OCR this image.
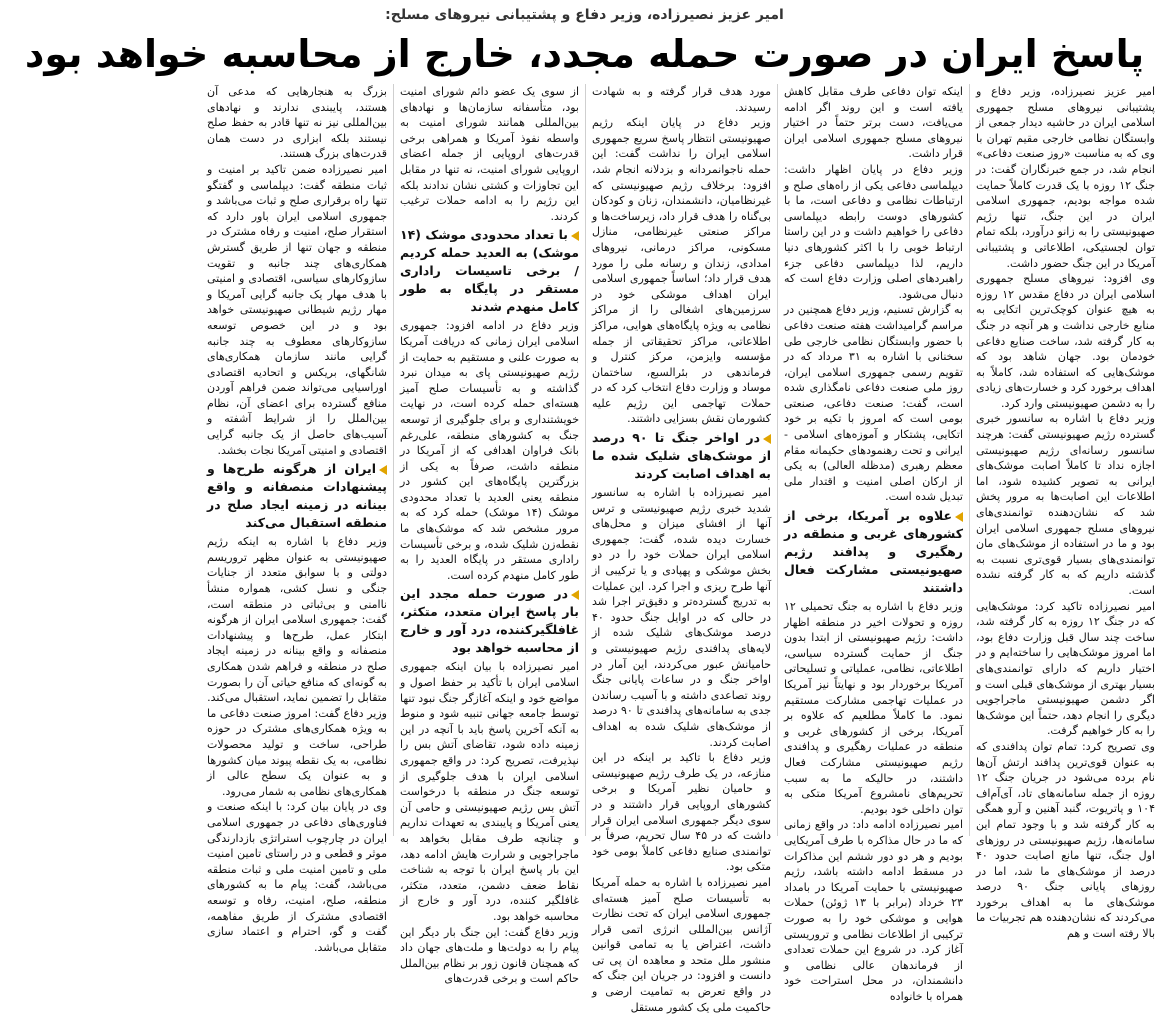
امیر عزیز نصیرزاده، وزیر دفاع و پشتیبانی نیروهای مسلح:
پاسخ ایران در صورت حمله مجدد، خارج از محاسبه خواهد بود

امیر عزیز نصیرزاده، وزیر دفاع و پشتیبانی نیروهای مسلح جمهوری اسلامی ایران در حاشیه دیدار جمعی از وابستگان نظامی خارجی مقیم تهران با وی که به مناسبت «روز صنعت دفاعی» انجام شد، در جمع خبرنگاران گفت: در جنگ ۱۲ روزه با یک قدرت کاملاً حمایت شده مواجه بودیم، جمهوری اسلامی ایران در این جنگ، تنها رژیم صهیونیستی را به زانو درآورد، بلکه تمام توان لجستیکی، اطلاعاتی و پشتیبانی آمریکا در این جنگ حضور داشت.

وی افزود: نیروهای مسلح جمهوری اسلامی ایران در دفاع مقدس ۱۲ روزه به هیچ عنوان کوچک‌ترین اتکایی به منابع خارجی نداشت و هر آنچه در جنگ به کار گرفته شد، ساخت صنایع دفاعی خودمان بود. جهان شاهد بود که موشک‌هایی که استفاده شد، کاملاً به اهداف برخورد کرد و خسارت‌های زیادی را به دشمن صهیونیستی وارد کرد.

وزیر دفاع با اشاره به سانسور خبری گسترده رژیم صهیونیستی گفت: هرچند سانسور رسانه‌ای رژیم صهیونیستی اجازه نداد تا کاملاً اصابت موشک‌های ایرانی به تصویر کشیده شود، اما اطلاعات این اصابت‌ها به مرور پخش شد که نشان‌دهنده توانمندی‌های نیروهای مسلح جمهوری اسلامی ایران بود و ما در استفاده از موشک‌های مان توانمندی‌های بسیار قوی‌تری نسبت به گذشته داریم که به کار گرفته نشده است.

امیر نصیرزاده تاکید کرد: موشک‌هایی که در جنگ ۱۲ روزه به کار گرفته شد، ساخت چند سال قبل وزارت دفاع بود، اما امروز موشک‌هایی را ساخته‌ایم و در اختیار داریم که دارای توانمندی‌های بسیار بهتری از موشک‌های قبلی است و اگر دشمن صهیونیستی ماجراجویی دیگری را انجام دهد، حتماً این موشک‌ها را به کار خواهیم گرفت.

وی تصریح کرد: تمام توان پدافندی که به عنوان قوی‌ترین پدافند ارتش آن‌ها نام برده می‌شود در جریان جنگ ۱۲ روزه از جمله سامانه‌های تاد، آی‌آم‌اف ۱۰۴ و پاتریوت، گنبد آهنین و آرو همگی به کار گرفته شد و با وجود تمام این سامانه‌ها، رژیم صهیونیستی در روزهای اول جنگ، تنها مانع اصابت حدود ۴۰ درصد از موشک‌های ما شد، اما در روزهای پایانی جنگ ۹۰ درصد موشک‌های ما به اهداف برخورد می‌کردند که نشان‌دهنده هم تجربیات ما بالا رفته است و هم

اینکه توان دفاعی طرف مقابل کاهش یافته است و این روند اگر ادامه می‌یافت، دست برتر حتماً در اختیار نیروهای مسلح جمهوری اسلامی ایران قرار داشت.

وزیر دفاع در پایان اظهار داشت: دیپلماسی دفاعی یکی از راه‌های صلح و ارتباطات نظامی و دفاعی است، ما با کشورهای دوست رابطه دیپلماسی دفاعی را خواهیم داشت و در این راستا ارتباط خوبی را با اکثر کشورهای دنیا داریم، لذا دیپلماسی دفاعی جزء راهبردهای اصلی وزارت دفاع است که دنبال می‌شود.

به گزارش تسنیم، وزیر دفاع همچنین در مراسم گرامیداشت هفته صنعت دفاعی با حضور وابستگان نظامی خارجی طی سخنانی با اشاره به ۳۱ مرداد که در تقویم رسمی جمهوری اسلامی ایران، روز ملی صنعت دفاعی نامگذاری شده است، گفت: صنعت دفاعی، صنعتی بومی است که امروز با تکیه بر خود اتکایی، پشتکار و آموزه‌های اسلامی - ایرانی و تحت رهنمودهای حکیمانه مقام معظم رهبری (مدظله العالی) به یکی از ارکان اصلی امنیت و اقتدار ملی تبدیل شده است.

علاوه بر آمریکا، برخی از کشورهای غربی و منطقه در رهگیری و پدافند رژیم صهیونیستی مشارکت فعال داشتند

وزیر دفاع با اشاره به جنگ تحمیلی ۱۲ روزه و تحولات اخیر در منطقه اظهار داشت: رژیم صهیونیستی از ابتدا بدون جنگ از حمایت گسترده سیاسی، اطلاعاتی، نظامی، عملیاتی و تسلیحاتی آمریکا برخوردار بود و نهایتاً نیز آمریکا در عملیات تهاجمی مشارکت مستقیم نمود. ما کاملاً مطلعیم که علاوه بر آمریکا، برخی از کشورهای غربی و منطقه در عملیات رهگیری و پدافندی رژیم صهیونیستی مشارکت فعال داشتند، در حالیکه ما به سبب تحریم‌های نامشروع آمریکا متکی به توان داخلی خود بودیم.

امیر نصیرزاده ادامه داد: در واقع زمانی که ما در حال مذاکره با طرف آمریکایی بودیم و هر دو دور ششم این مذاکرات در مسقط ادامه داشته باشد، رژیم صهیونیستی با حمایت آمریکا در بامداد ۲۳ خرداد (برابر با ۱۳ ژوئن) حملات هوایی و موشکی خود را به صورت ترکیبی از اطلاعات نظامی و تروریستی آغاز کرد. در شروع این حملات تعدادی از فرماندهان عالی نظامی و دانشمندان، در محل استراحت خود همراه با خانواده

مورد هدف قرار گرفته و به شهادت رسیدند.

وزیر دفاع در پایان اینکه رژیم صهیونیستی انتظار پاسخ سریع جمهوری اسلامی ایران را نداشت گفت: این حمله ناجوانمردانه و بزدلانه انجام شد، افزود: برخلاف رژیم صهیونیستی که غیرنظامیان، دانشمندان، زنان و کودکان بی‌گناه را هدف قرار داد، زیرساخت‌ها و مراکز صنعتی غیرنظامی، منازل مسکونی، مراکز درمانی، نیروهای امدادی، زندان و رسانه ملی را مورد هدف قرار داد؛ اساساً جمهوری اسلامی ایران اهداف موشکی خود در سرزمین‌های اشغالی را از مراکز نظامی به ویژه پایگاه‌های هوایی، مراکز اطلاعاتی، مراکز تحقیقاتی از جمله مؤسسه وایزمن، مرکز کنترل و فرماندهی در بئرالسبع، ساختمان موساد و وزارت دفاع انتخاب کرد که در حملات تهاجمی این رژیم علیه کشورمان نقش بسزایی داشتند.

در اواخر جنگ تا ۹۰ درصد از موشک‌های شلیک شده ما به اهداف اصابت کردند

امیر نصیرزاده با اشاره به سانسور شدید خبری رژیم صهیونیستی و ترس آنها از افشای میزان و محل‌های خسارت دیده شده، گفت: جمهوری اسلامی ایران حملات خود را در دو بخش موشکی و پهپادی و یا ترکیبی از آنها طرح ریزی و اجرا کرد. این عملیات به تدریج گسترده‌تر و دقیق‌تر اجرا شد در حالی که در اوایل جنگ حدود ۴۰ درصد موشک‌های شلیک شده از لایه‌های پدافندی رژیم صهیونیستی و حامیانش عبور می‌کردند، این آمار در اواخر جنگ و در ساعات پایانی جنگ روند تصاعدی داشته و با آسیب رساندن جدی به سامانه‌های پدافندی تا ۹۰ درصد از موشک‌های شلیک شده به اهداف اصابت کردند.

وزیر دفاع با تاکید بر اینکه در این منازعه، در یک طرف رژیم صهیونیستی و حامیان نظیر آمریکا و برخی کشورهای اروپایی قرار داشتند و در سوی دیگر جمهوری اسلامی ایران قرار داشت که در ۴۵ سال تحریم، صرفاً بر توانمندی صنایع دفاعی کاملاً بومی خود متکی بود.

امیر نصیرزاده با اشاره به حمله آمریکا به تأسیسات صلح آمیز هسته‌ای جمهوری اسلامی ایران که تحت نظارت آژانس بین‌المللی انرژی اتمی قرار داشت، اعتراض یا به تمامی قوانین منشور ملل متحد و معاهده ان پی تی دانست و افزود: در جریان این جنگ که در واقع تعرض به تمامیت ارضی و حاکمیت ملی یک کشور مستقل

از سوی یک عضو دائم شورای امنیت بود، متأسفانه سازمان‌ها و نهادهای بین‌المللی همانند شورای امنیت به واسطه نفوذ آمریکا و همراهی برخی قدرت‌های اروپایی از جمله اعضای اروپایی شورای امنیت، نه تنها در مقابل این تجاوزات و کشتی نشان ندادند بلکه این رژیم را به ادامه حملات ترغیب کردند.

با تعداد محدودی موشک (۱۴ موشک) به العدید حمله کردیم / برخی تاسیسات راداری مستقر در پایگاه به طور کامل منهدم شدند

وزیر دفاع در ادامه افزود: جمهوری اسلامی ایران زمانی که دریافت آمریکا به صورت علنی و مستقیم به حمایت از رژیم صهیونیستی پای به میدان نبرد گذاشته و به تأسیسات صلح آمیز هسته‌ای حمله کرده است، در نهایت خویشتنداری و برای جلوگیری از توسعه جنگ به کشورهای منطقه، علی‌رغم بانک فراوان اهدافی که از آمریکا در منطقه داشت، صرفاً به یکی از بزرگترین پایگاه‌های این کشور در منطقه یعنی العدید با تعداد محدودی موشک (۱۴ موشک) حمله کرد که به مرور مشخص شد که موشک‌های ما نقطه‌زن شلیک شده، و برخی تأسیسات راداری مستقر در پایگاه العدید را به طور کامل منهدم کرده است.

در صورت حمله مجدد این بار پاسخ ایران متعدد، متکثر، غافلگیرکننده، درد آور و خارج از محاسبه خواهد بود

امیر نصیرزاده با بیان اینکه جمهوری اسلامی ایران با تأکید بر حفظ اصول و مواضع خود و اینکه آغازگر جنگ نبود تنها توسط جامعه جهانی تنبیه شود و منوط به آنکه آخرین پاسخ باید با آنچه در این زمینه داده شود، تقاضای آتش بس را نپذیرفت، تصریح کرد: در واقع جمهوری اسلامی ایران با هدف جلوگیری از توسعه جنگ در منطقه با درخواست آتش بس رژیم صهیونیستی و حامی آن یعنی آمریکا و پایبندی به تعهدات نداریم و چنانچه طرف مقابل بخواهد به ماجراجویی و شرارت هایش ادامه دهد، این بار پاسخ ایران با توجه به شناخت نقاط ضعف دشمن، متعدد، متکثر، غافلگیر کننده، درد آور و خارج از محاسبه خواهد بود.

وزیر دفاع گفت: این جنگ بار دیگر این پیام را به دولت‌ها و ملت‌های جهان داد که همچنان قانون زور بر نظام بین‌الملل حاکم است و برخی قدرت‌های

بزرگ به هنجارهایی که مدعی آن هستند، پایبندی ندارند و نهادهای بین‌المللی نیز نه تنها قادر به حفظ صلح نیستند بلکه ابزاری در دست همان قدرت‌های بزرگ هستند.

امیر نصیرزاده ضمن تاکید بر امنیت و ثبات منطقه گفت: دیپلماسی و گفتگو تنها راه برقراری صلح و ثبات می‌باشد و جمهوری اسلامی ایران باور دارد که استقرار صلح، امنیت و رفاه مشترک در منطقه و جهان تنها از طریق گسترش همکاری‌های چند جانبه و تقویت سازوکارهای سیاسی، اقتصادی و امنیتی با هدف مهار یک جانبه گرایی آمریکا و مهار رژیم شیطانی صهیونیستی خواهد بود و در این خصوص توسعه سازوکارهای معطوف به چند جانبه گرایی مانند سازمان همکاری‌های شانگهای، بریکس و اتحادیه اقتصادی اوراسیایی می‌تواند ضمن فراهم آوردن منافع گسترده برای اعضای آن، نظام بین‌الملل را از شرایط آشفته و آسیب‌های حاصل از یک جانبه گرایی اقتصادی و امنیتی آمریکا نجات بخشد.

ایران از هرگونه طرح‌ها و پیشنهادات منصفانه و واقع بینانه در زمینه ایجاد صلح در منطقه استقبال می‌کند

وزیر دفاع با اشاره به اینکه رژیم صهیونیستی به عنوان مظهر تروریسم دولتی و با سوابق متعدد از جنایات جنگی و نسل کشی، همواره منشأ ناامنی و بی‌ثباتی در منطقه است، گفت: جمهوری اسلامی ایران از هرگونه ابتکار عمل، طرح‌ها و پیشنهادات منصفانه و واقع بینانه در زمینه ایجاد صلح در منطقه و فراهم شدن همکاری به گونه‌ای که منافع حیاتی آن را بصورت متقابل را تضمین نماید، استقبال می‌کند.

وزیر دفاع گفت: امروز صنعت دفاعی ما به ویژه همکاری‌های مشترک در حوزه طراحی، ساخت و تولید محصولات نظامی، به یک نقطه پیوند میان کشورها و به عنوان یک سطح عالی از همکاری‌های نظامی به شمار می‌رود.

وی در پایان بیان کرد: با اینکه صنعت و فناوری‌های دفاعی در جمهوری اسلامی ایران در چارچوب استراتژی بازدارندگی موثر و قطعی و در راستای تامین امنیت ملی و تامین امنیت ملی و ثبات منطقه می‌باشد، گفت: پیام ما به کشورهای منطقه، صلح، امنیت، رفاه و توسعه اقتصادی مشترک از طریق مفاهمه، گفت و گو، احترام و اعتماد سازی متقابل می‌باشد.
